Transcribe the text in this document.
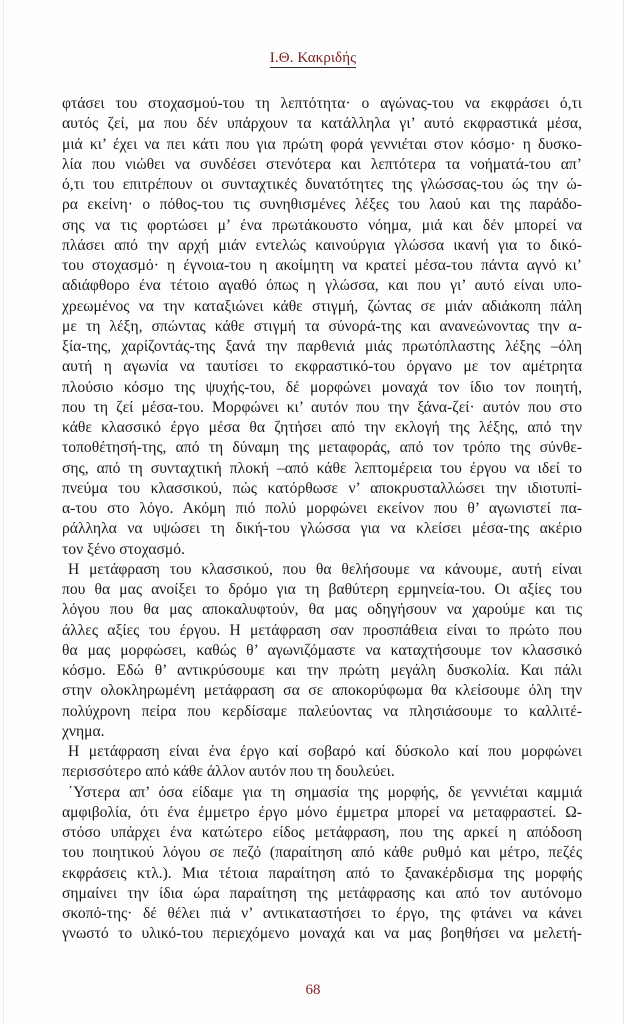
Ι.Θ. Κακριδής
φτάσει του στοχασμού-του τη λεπτότητα· ο αγώνας-του να εκφράσει ό,τι
αυτός ζεί, μα που δέν υπάρχουν τα κατάλληλα γι’ αυτό εκφραστικά μέσα,
μιά κι’ έχει να πει κάτι που για πρώτη φορά γεννιέται στον κόσμο· η δυσκο-
λία που νιώθει να συνδέσει στενότερα και λεπτότερα τα νοήματά-του απ’
ό,τι του επιτρέπουν οι συνταχτικές δυνατότητες της γλώσσας-του ώς την ώ-
ρα εκείνη· ο πόθος-του τις συνηθισμένες λέξες του λαού και της παράδο-
σης να τις φορτώσει μ’ ένα πρωτάκουστο νόημα, μιά και δέν μπορεί να
πλάσει από την αρχή μιάν εντελώς καινούργια γλώσσα ικανή για το δικό-
του στοχασμό· η έγνοια-του η ακοίμητη να κρατεί μέσα-του πάντα αγνό κι’
αδιάφθορο ένα τέτοιο αγαθό όπως η γλώσσα, και που γι’ αυτό είναι υπο-
χρεωμένος να την καταξιώνει κάθε στιγμή, ζώντας σε μιάν αδιάκοπη πάλη
με τη λέξη, σπώντας κάθε στιγμή τα σύνορά-της και ανανεώνοντας την α-
ξία-της, χαρίζοντάς-της ξανά την παρθενιά μιάς πρωτόπλαστης λέξης –όλη
αυτή η αγωνία να ταυτίσει το εκφραστικό-του όργανο με τον αμέτρητα
πλούσιο κόσμο της ψυχής-του, δέ μορφώνει μοναχά τον ίδιο τον ποιητή,
που τη ζεί μέσα-του. Μορφώνει κι’ αυτόν που την ξάνα-ζεί· αυτόν που στο
κάθε κλασσικό έργο μέσα θα ζητήσει από την εκλογή της λέξης, από την
τοποθέτησή-της, από τη δύναμη της μεταφοράς, από τον τρόπο της σύνθε-
σης, από τη συνταχτική πλοκή –από κάθε λεπτομέρεια του έργου να ιδεί το
πνεύμα του κλασσικού, πώς κατόρθωσε ν’ αποκρυσταλλώσει την ιδιοτυπί-
α-του στο λόγο. Ακόμη πιό πολύ μορφώνει εκείνον που θ’ αγωνιστεί πα-
ράλληλα να υψώσει τη δική-του γλώσσα για να κλείσει μέσα-της ακέριο
τον ξένο στοχασμό.
Η μετάφραση του κλασσικού, που θα θελήσουμε να κάνουμε, αυτή είναι
που θα μας ανοίξει το δρόμο για τη βαθύτερη ερμηνεία-του. Οι αξίες του
λόγου που θα μας αποκαλυφτούν, θα μας οδηγήσουν να χαρούμε και τις
άλλες αξίες του έργου. Η μετάφραση σαν προσπάθεια είναι το πρώτο που
θα μας μορφώσει, καθώς θ’ αγωνιζόμαστε να καταχτήσουμε τον κλασσικό
κόσμο. Εδώ θ’ αντικρύσουμε και την πρώτη μεγάλη δυσκολία. Και πάλι
στην ολοκληρωμένη μετάφραση σα σε αποκορύφωμα θα κλείσουμε όλη την
πολύχρονη πείρα που κερδίσαμε παλεύοντας να πλησιάσουμε το καλλιτέ-
χνημα.
Η μετάφραση είναι ένα έργο καί σοβαρό καί δύσκολο καί που μορφώνει
περισσότερο από κάθε άλλον αυτόν που τη δουλεύει.
΄Υστερα απ’ όσα είδαμε για τη σημασία της μορφής, δε γεννιέται καμμιά
αμφιβολία, ότι ένα έμμετρο έργο μόνο έμμετρα μπορεί να μεταφραστεί. Ω-
στόσο υπάρχει ένα κατώτερο είδος μετάφραση, που της αρκεί η απόδοση
του ποιητικού λόγου σε πεζό (παραίτηση από κάθε ρυθμό και μέτρο, πεζές
εκφράσεις κτλ.). Μια τέτοια παραίτηση από το ξανακέρδισμα της μορφής
σημαίνει την ίδια ώρα παραίτηση της μετάφρασης και από τον αυτόνομο
σκοπό-της· δέ θέλει πιά ν’ αντικαταστήσει το έργο, της φτάνει να κάνει
γνωστό το υλικό-του περιεχόμενο μοναχά και να μας βοηθήσει να μελετή-
68
